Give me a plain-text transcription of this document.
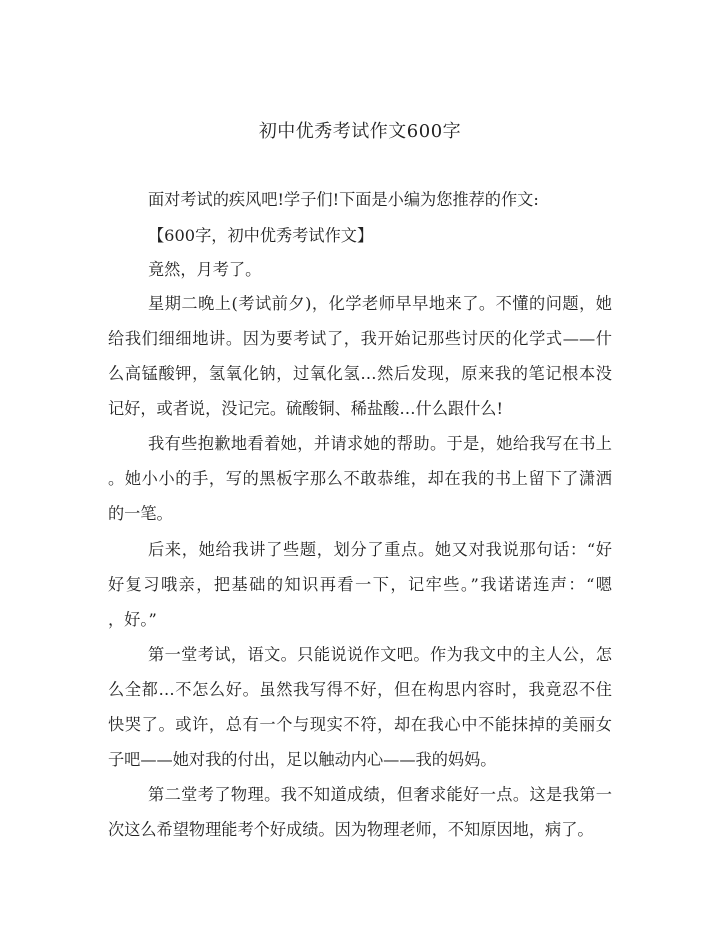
初中优秀考试作文600字
面对考试的疾风吧!学子们!下面是小编为您推荐的作文:
【600字，初中优秀考试作文】
竟然，月考了。
星期二晚上(考试前夕)，化学老师早早地来了。不懂的问题，她
给我们细细地讲。因为要考试了，我开始记那些讨厌的化学式——什
么高锰酸钾，氢氧化钠，过氧化氢…然后发现，原来我的笔记根本没
记好，或者说，没记完。硫酸铜、稀盐酸…什么跟什么!
我有些抱歉地看着她，并请求她的帮助。于是，她给我写在书上
。她小小的手，写的黑板字那么不敢恭维，却在我的书上留下了潇洒
的一笔。
后来，她给我讲了些题，划分了重点。她又对我说那句话：“好
好复习哦亲，把基础的知识再看一下，记牢些。”我诺诺连声：“嗯
，好。”
第一堂考试，语文。只能说说作文吧。作为我文中的主人公，怎
么全都…不怎么好。虽然我写得不好，但在构思内容时，我竟忍不住
快哭了。或许，总有一个与现实不符，却在我心中不能抹掉的美丽女
子吧——她对我的付出，足以触动内心——我的妈妈。
第二堂考了物理。我不知道成绩，但奢求能好一点。这是我第一
次这么希望物理能考个好成绩。因为物理老师，不知原因地，病了。
